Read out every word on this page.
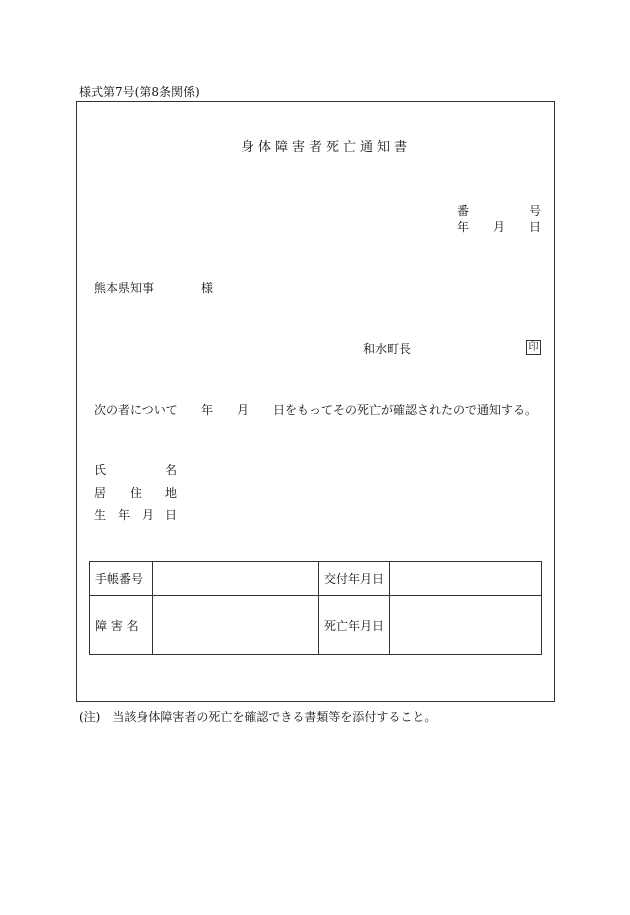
様式第7号(第8条関係)
身体障害者死亡通知書
番	号
年 月 日
熊本県知事	様
和水町長	印
次の者について 年 月 日をもってその死亡が確認されたので通知する。
氏	名
居 住 地
生 年 月 日
手帳番号		交付年月日	
障 害 名		死亡年月日	
(注)　当該身体障害者の死亡を確認できる書類等を添付すること。
